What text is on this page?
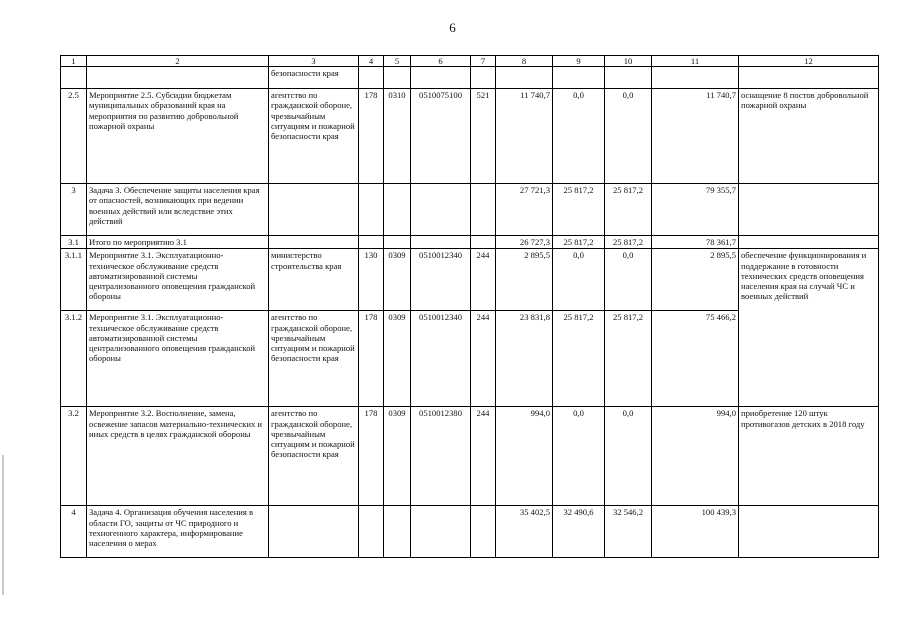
6
1	2	3	4	5	6	7	8	9	10	11	12
		безопасности края									
2.5	Мероприятие 2.5. Субсидии бюджетам муниципальных образований края на мероприятия по развитию добровольной пожарной охраны	агентство по гражданской обороне, чрезвычайным ситуациям и пожарной безопасности края	178	0310	0510075100	521	11 740,7	0,0	0,0	11 740,7	оснащение 8 постов добровольной пожарной охраны
3	Задача 3. Обеспечение защиты населения края от опасностей, возникающих при ведении военных действий или вследствие этих действий						27 721,3	25 817,2	25 817,2	79 355,7	
3.1	Итого по мероприятию 3.1						26 727,3	25 817,2	25 817,2	78 361,7	
3.1.1	Мероприятие 3.1. Эксплуатационно-техническое обслуживание средств автоматизированной системы централизованного оповещения гражданской обороны	министерство строительства края	130	0309	0510012340	244	2 895,5	0,0	0,0	2 895,5	обеспечение функционирования и поддержание в готовности технических средств оповещения населения края на случай ЧС и военных действий
3.1.2	Мероприятие 3.1. Эксплуатационно-техническое обслуживание средств автоматизированной системы централизованного оповещения гражданской обороны	агентство по гражданской обороне, чрезвычайным ситуациям и пожарной безопасности края	178	0309	0510012340	244	23 831,8	25 817,2	25 817,2	75 466,2	
3.2	Мероприятие 3.2. Восполнение, замена, освежение запасов материально-технических и иных средств в целях гражданской обороны	агентство по гражданской обороне, чрезвычайным ситуациям и пожарной безопасности края	178	0309	0510012380	244	994,0	0,0	0,0	994,0	приобретение 120 штук противогазов детских в 2018 году
4	Задача 4. Организация обучения населения в области ГО, защиты от ЧС природного и техногенного характера, информирование населения о мерах						35 402,5	32 490,6	32 546,2	100 439,3	
